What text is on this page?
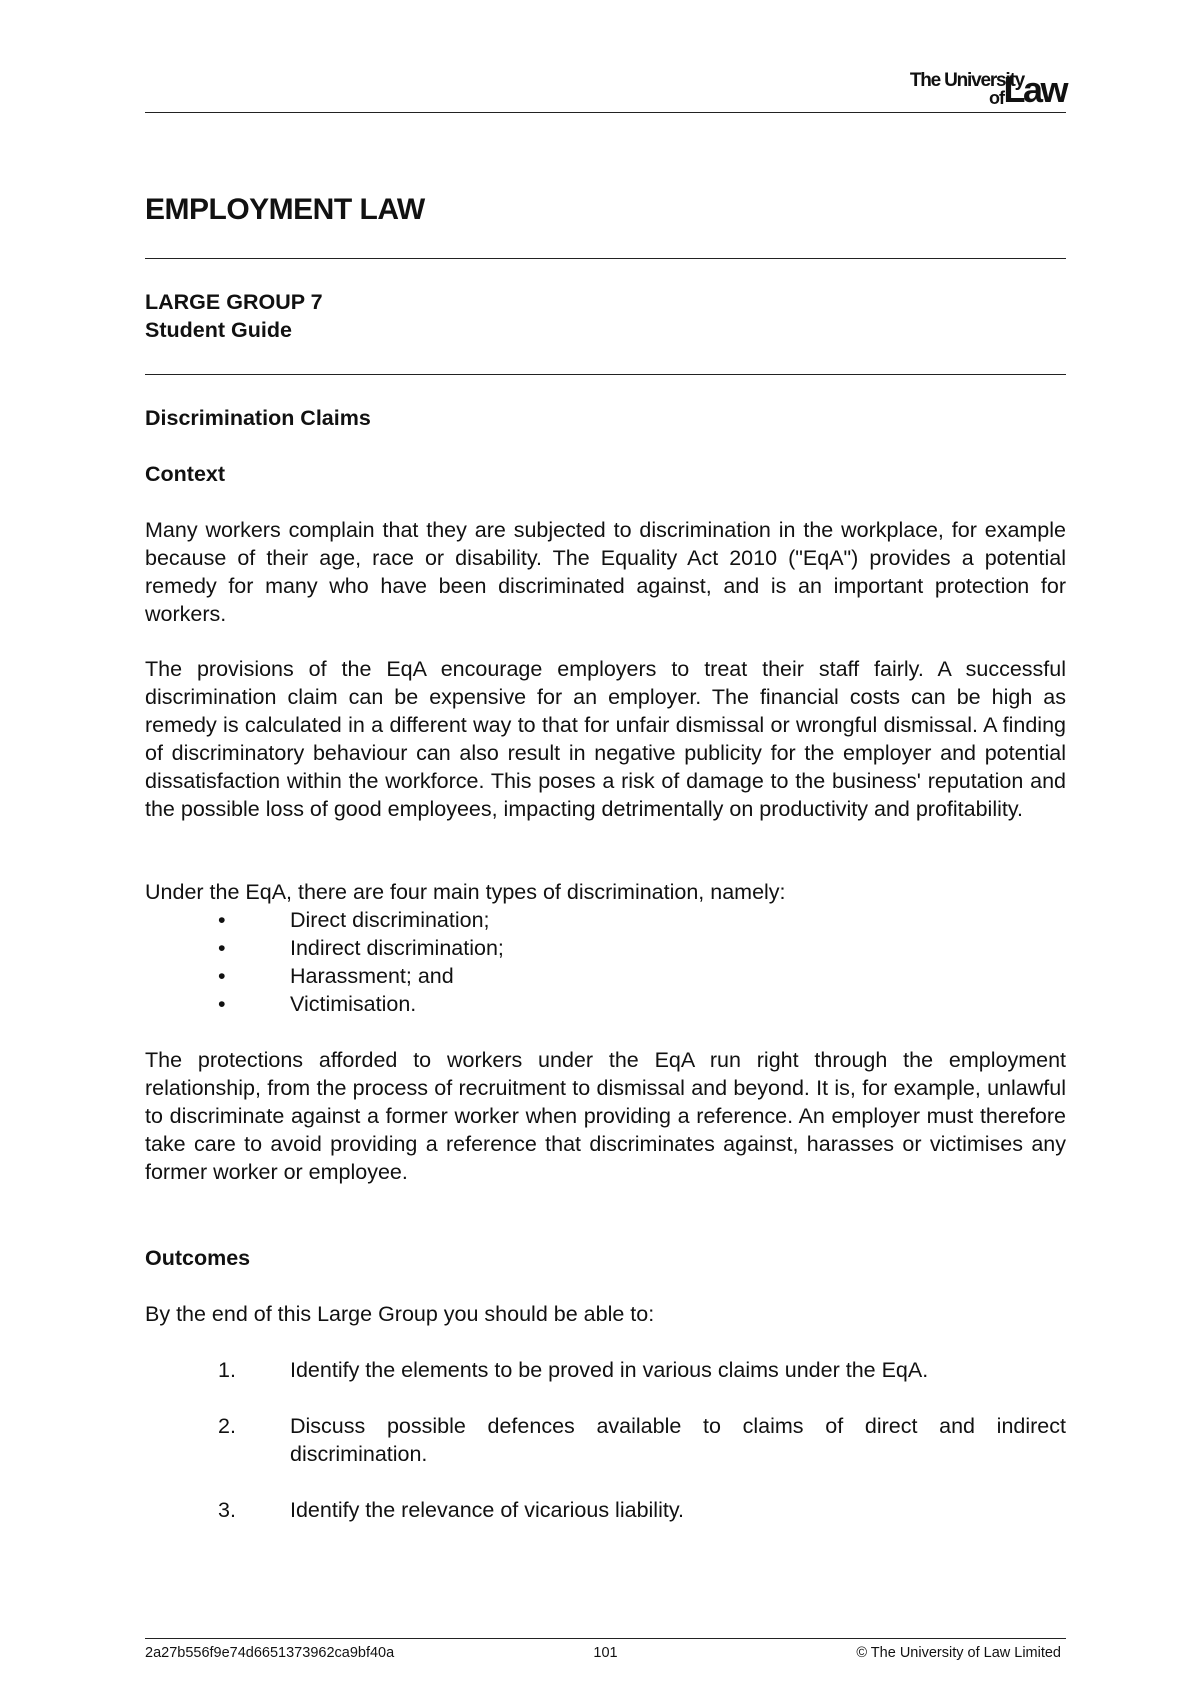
The University
of Law
EMPLOYMENT LAW

LARGE GROUP 7

Student Guide

Discrimination Claims

Context

Many workers complain that they are subjected to discrimination in the workplace, for example because of their age, race or disability. The Equality Act 2010 ("EqA") provides a potential remedy for many who have been discriminated against, and is an important protection for workers.

The provisions of the EqA encourage employers to treat their staff fairly. A successful discrimination claim can be expensive for an employer. The financial costs can be high as remedy is calculated in a different way to that for unfair dismissal or wrongful dismissal. A finding of discriminatory behaviour can also result in negative publicity for the employer and potential dissatisfaction within the workforce. This poses a risk of damage to the business' reputation and the possible loss of good employees, impacting detrimentally on productivity and profitability.

Under the EqA, there are four main types of discrimination, namely:

•	Direct discrimination;
•	Indirect discrimination;
•	Harassment; and
•	Victimisation.

The protections afforded to workers under the EqA run right through the employment relationship, from the process of recruitment to dismissal and beyond. It is, for example, unlawful to discriminate against a former worker when providing a reference. An employer must therefore take care to avoid providing a reference that discriminates against, harasses or victimises any former worker or employee.

Outcomes

By the end of this Large Group you should be able to:

1.	Identify the elements to be proved in various claims under the EqA.
2.	Discuss possible defences available to claims of direct and indirect discrimination.
3.	Identify the relevance of vicarious liability.
2a27b556f9e74d6651373962ca9bf40a	101	© The University of Law Limited
